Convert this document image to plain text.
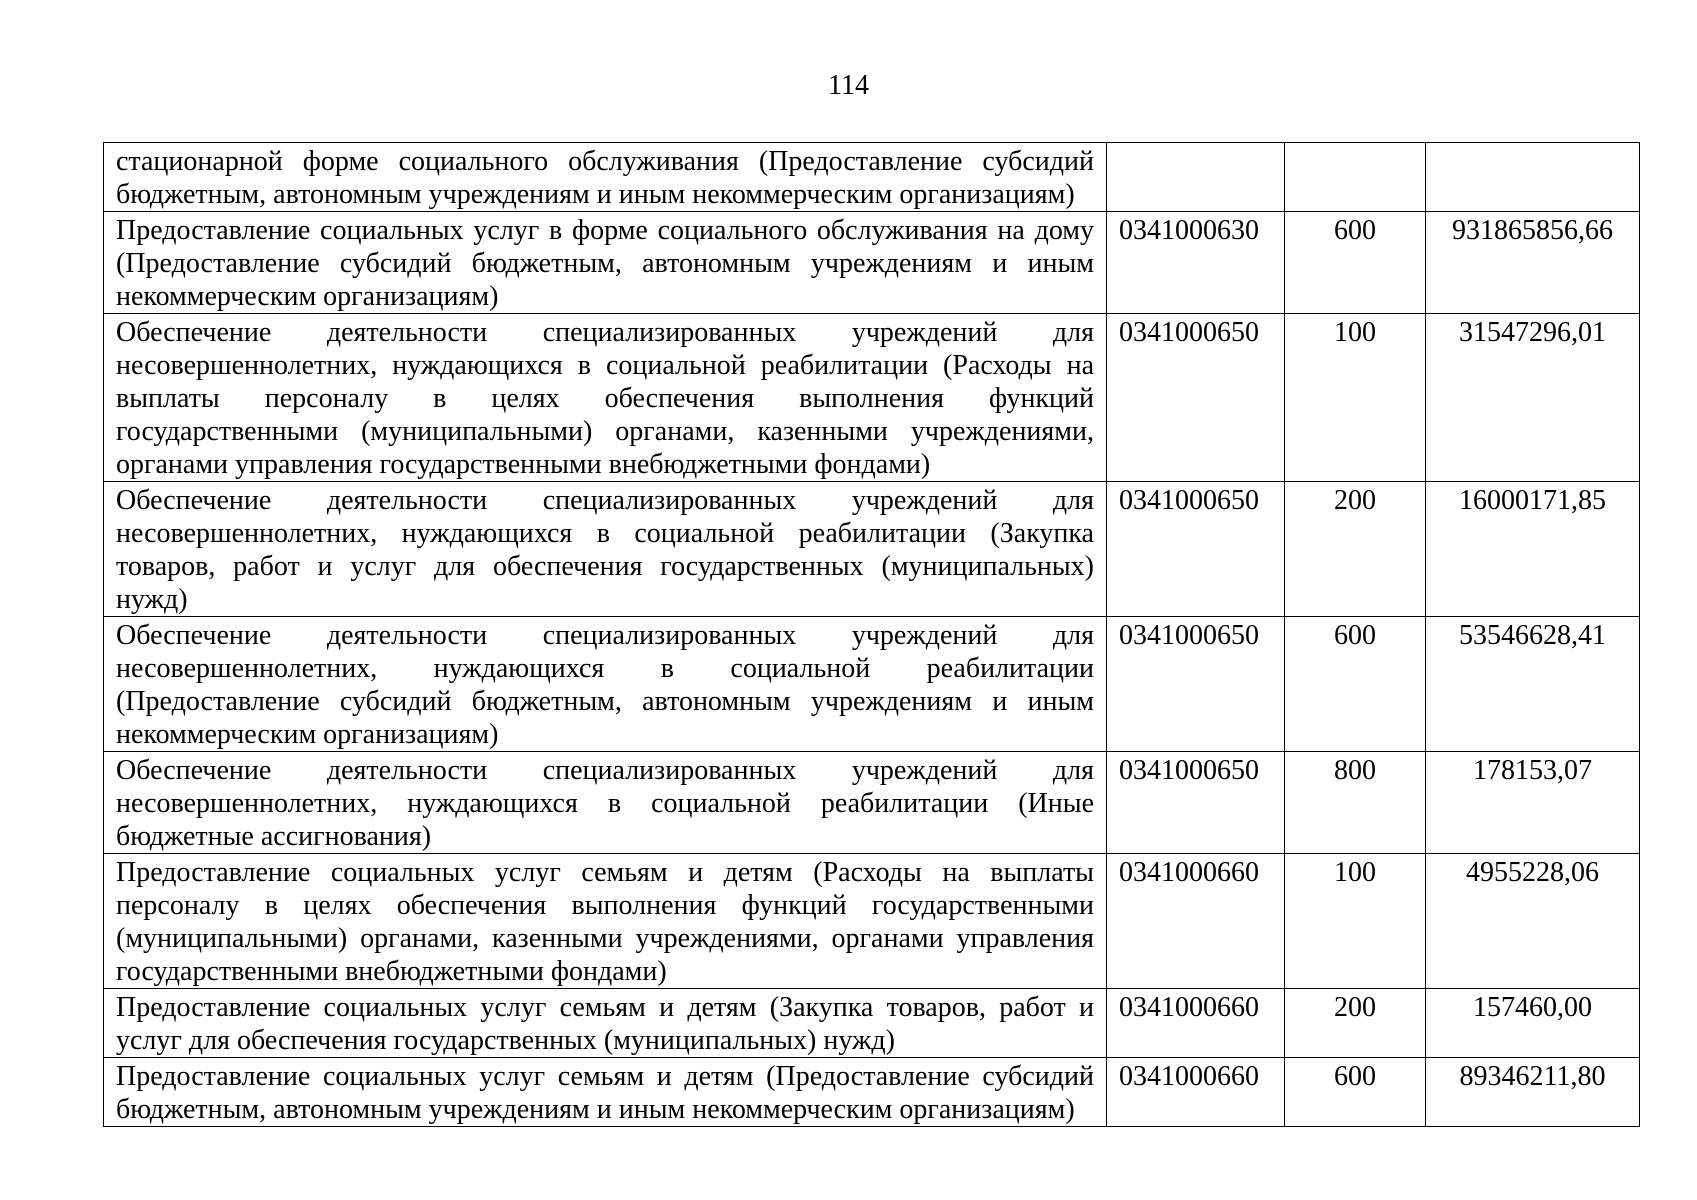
114
стационарной форме социального обслуживания (Предоставление субсидий бюджетным, автономным учреждениям и иным некоммерческим организациям)			
Предоставление социальных услуг в форме социального обслуживания на дому (Предоставление субсидий бюджетным, автономным учреждениям и иным некоммерческим организациям)	0341000630	600	931865856,66
Обеспечение деятельности специализированных учреждений для несовершеннолетних, нуждающихся в социальной реабилитации (Расходы на выплаты персоналу в целях обеспечения выполнения функций государственными (муниципальными) органами, казенными учреждениями, органами управления государственными внебюджетными фондами)	0341000650	100	31547296,01
Обеспечение деятельности специализированных учреждений для несовершеннолетних, нуждающихся в социальной реабилитации (Закупка товаров, работ и услуг для обеспечения государственных (муниципальных) нужд)	0341000650	200	16000171,85
Обеспечение деятельности специализированных учреждений для несовершеннолетних, нуждающихся в социальной реабилитации (Предоставление субсидий бюджетным, автономным учреждениям и иным некоммерческим организациям)	0341000650	600	53546628,41
Обеспечение деятельности специализированных учреждений для несовершеннолетних, нуждающихся в социальной реабилитации (Иные бюджетные ассигнования)	0341000650	800	178153,07
Предоставление социальных услуг семьям и детям (Расходы на выплаты персоналу в целях обеспечения выполнения функций государственными (муниципальными) органами, казенными учреждениями, органами управления государственными внебюджетными фондами)	0341000660	100	4955228,06
Предоставление социальных услуг семьям и детям (Закупка товаров, работ и услуг для обеспечения государственных (муниципальных) нужд)	0341000660	200	157460,00
Предоставление социальных услуг семьям и детям (Предоставление субсидий бюджетным, автономным учреждениям и иным некоммерческим организациям)	0341000660	600	89346211,80
